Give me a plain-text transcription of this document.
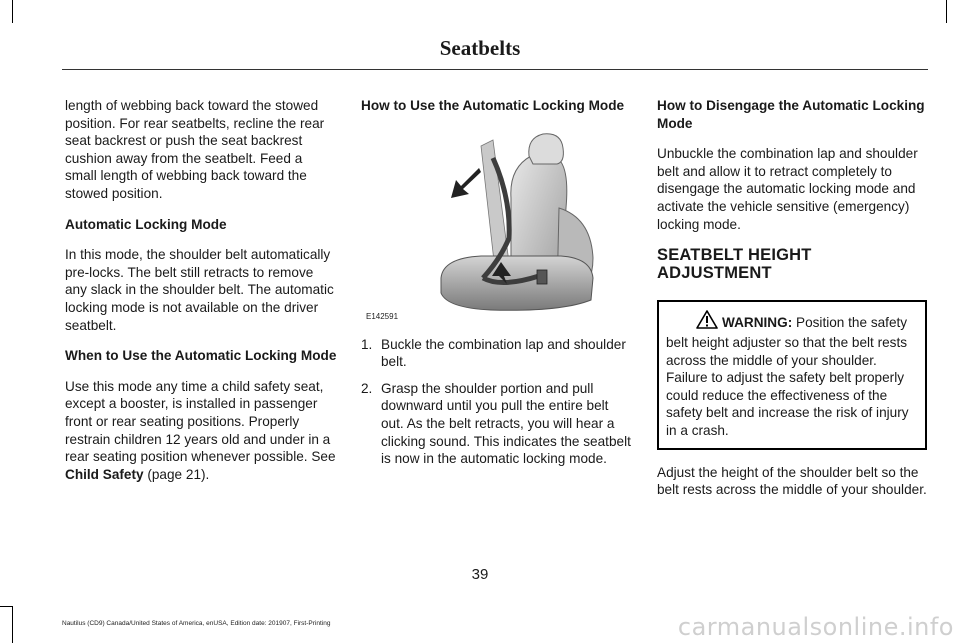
Seatbelts

length of webbing back toward the stowed position. For rear seatbelts, recline the rear seat backrest or push the seat backrest cushion away from the seatbelt. Feed a small length of webbing back toward the stowed position.

Automatic Locking Mode

In this mode, the shoulder belt automatically pre-locks. The belt still retracts to remove any slack in the shoulder belt. The automatic locking mode is not available on the driver seatbelt.

When to Use the Automatic Locking Mode

Use this mode any time a child safety seat, except a booster, is installed in passenger front or rear seating positions. Properly restrain children 12 years old and under in a rear seating position whenever possible. See Child Safety (page 21).

How to Use the Automatic Locking Mode

E142591
1. Buckle the combination lap and shoulder belt.
2. Grasp the shoulder portion and pull downward until you pull the entire belt out. As the belt retracts, you will hear a clicking sound. This indicates the seatbelt is now in the automatic locking mode.

How to Disengage the Automatic Locking Mode

Unbuckle the combination lap and shoulder belt and allow it to retract completely to disengage the automatic locking mode and activate the vehicle sensitive (emergency) locking mode.

SEATBELT HEIGHT ADJUSTMENT
WARNING: Position the safety belt height adjuster so that the belt rests across the middle of your shoulder. Failure to adjust the safety belt properly could reduce the effectiveness of the safety belt and increase the risk of injury in a crash.

Adjust the height of the shoulder belt so the belt rests across the middle of your shoulder.

39
Nautilus (CD9) Canada/United States of America, enUSA, Edition date: 201907, First-Printing	carmanualsonline.info
